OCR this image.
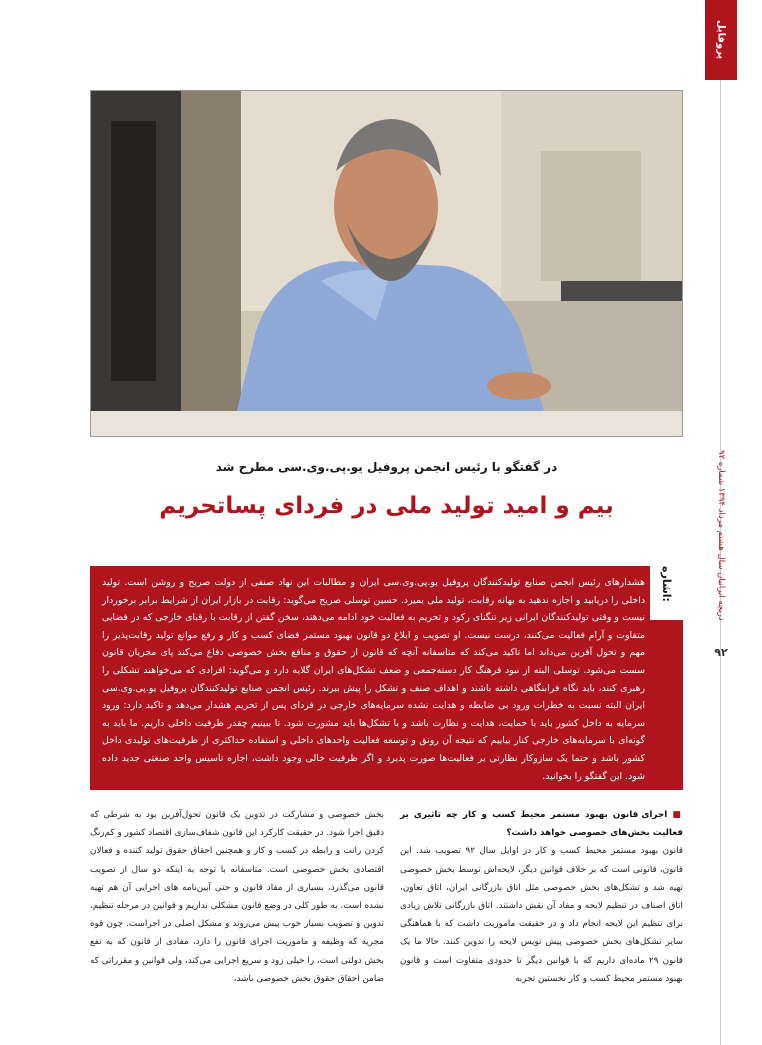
پروفایل
دریچه ایرانیان سال هشتم مرداد ۱۳۹۴ شماره ۹۲
۹۲
در گفتگو با رئیس انجمن پروفیل یو.پی.وی.سی مطرح شد
بیم و امید تولید ملی در فردای پساتحریم
هشدارهای رئیس انجمن صنایع تولیدکنندگان پروفیل یو.پی.وی.سی ایران و مطالبات این نهاد صنفی از دولت صریح و روشن است. تولید داخلی را دریابید و اجازه ندهید به بهانه رقابت، تولید ملی بمیرد. حسین توسلی صریح می‌گوید: رقابت در بازار ایران از شرایط برابر برخوردار نیست و وقتی تولیدکنندگان ایرانی زیر تنگنای رکود و تحریم به فعالیت خود ادامه می‌دهند، سخن گفتن از رقابت با رقبای خارجی که در فضایی متفاوت و آرام فعالیت می‌کنند، درست نیست. او تصویب و ابلاغ دو قانون بهبود مستمر فضای کسب و کار و رفع موانع تولید رقابت‌پذیر را مهم و تحول آفرین می‌داند اما تاکید می‌کند که متاسفانه آنچه که قانون از حقوق و منافع بخش خصوصی دفاع می‌کند پای مجریان قانون سست می‌شود. توسلی البته از نبود فرهنگ کار دسته‌جمعی و ضعف تشکل‌های ایران گلایه دارد و می‌گوید: افرادی که می‌خواهند تشکلی را رهبری کنند، باید نگاه فرابنگاهی داشته باشند و اهداف صنف و تشکل را پیش ببرند. رئیس انجمن صنایع تولیدکنندگان پروفیل یو.پی.وی.سی ایران البته نسبت به خطرات ورود بی ضابطه و هدایت نشده سرمایه‌های خارجی در فردای پس از تحریم هشدار می‌دهد و تاکید دارد: ورود سرمایه به داخل کشور باید با حمایت، هدایت و نظارت باشد و با تشکل‌ها باید مشورت شود. تا ببینیم چقدر ظرفیت داخلی داریم. ما باید به گونه‌ای با سرمایه‌های خارجی کنار بیاییم که نتیجه آن رونق و توسعه فعالیت واحدهای داخلی و استفاده حداکثری از ظرفیت‌های تولیدی داخل کشور باشد و حتما یک سازوکار نظارتی بر فعالیت‌ها صورت پذیرد و اگر ظرفیت خالی وجود داشت، اجازه تاسیس واحد صنعتی جدید داده شود. این گفتگو را بخوانید.
اشاره:
■ اجرای قانون بهبود مستمر محیط کسب و کار چه تاثیری بر فعالیت بخش‌های خصوصی خواهد داشت؟
قانون بهبود مستمر محیط کسب و کار در اوایل سال ۹۲ تصویب شد. این قانون، قانونی است که بر خلاف قوانین دیگر، لایحه‌اش توسط بخش خصوصی تهیه شد و تشکل‌های بخش خصوصی مثل اتاق بازرگانی ایران، اتاق تعاون، اتاق اصناف در تنظیم لایحه و مفاد آن نقش داشتند. اتاق بازرگانی تلاش زیادی برای تنظیم این لایحه انجام داد و در حقیقت ماموریت داشت که با هماهنگی سایر تشکل‌های بخش خصوصی پیش نویس لایحه را تدوین کنند. حالا ما یک قانون ۲۹ ماده‌ای داریم که با قوانین دیگر تا حدودی متفاوت است و قانون بهبود مستمر محیط کسب و کار نخستین تجربه
بخش خصوصی و مشارکت در تدوین یک قانون تحول‌آفرین بود به شرطی که دقیق اجرا شود. در حقیقت کارکرد این قانون شفاف‌سازی اقتصاد کشور و کم‌رنگ کردن رانت و رابطه در کسب و کار و همچنین احقاق حقوق تولید کننده و فعالان اقتصادی بخش خصوصی است. متاسفانه با توجه به اینکه دو سال از تصویب قانون می‌گذرد، بسیاری از مفاد قانون و حتی آیین‌نامه های اجرایی آن هم تهیه نشده است. به طور کلی در وضع قانون مشکلی نداریم و قوانین در مرحله تنظیم، تدوین و تصویب بسیار خوب پیش می‌روند و مشکل اصلی در اجراست. چون قوه مجریه که وظیفه و ماموریت اجرای قانون را دارد، مفادی از قانون که به نفع بخش دولتی است، را خیلی زود و سریع اجرایی می‌کند، ولی قوانین و مقرراتی که ضامن احقاق حقوق بخش خصوصی باشد،
